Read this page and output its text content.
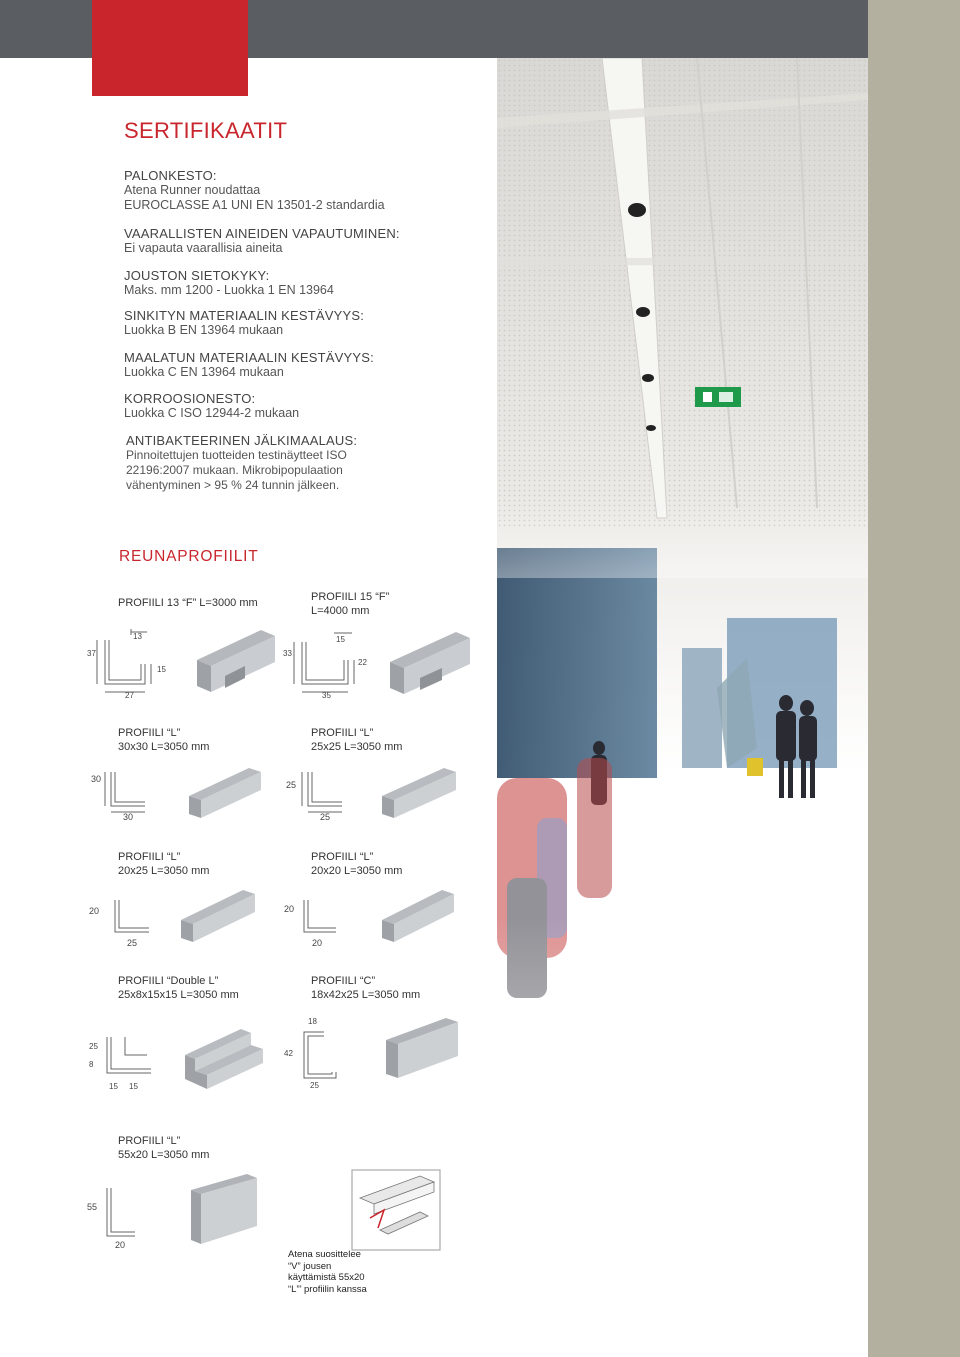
SERTIFIKAATIT
PALONKESTO:
Atena Runner noudattaa
EUROCLASSE A1 UNI EN 13501-2 standardia
VAARALLISTEN AINEIDEN VAPAUTUMINEN:
Ei vapauta vaarallisia aineita
JOUSTON SIETOKYKY:
Maks. mm 1200 - Luokka 1 EN 13964
SINKITYN MATERIAALIN KESTÄVYYS:
Luokka B EN 13964 mukaan
MAALATUN MATERIAALIN KESTÄVYYS:
Luokka C EN 13964 mukaan
KORROOSIONESTO:
Luokka C ISO 12944-2 mukaan
ANTIBAKTEERINEN JÄLKIMAALAUS:
Pinnoitettujen tuotteiden testinäytteet ISO
22196:2007 mukaan. Mikrobipopulaation
vähentyminen > 95 % 24 tunnin jälkeen.
REUNAPROFIILIT
PROFIILI 13 “F” L=3000 mm	PROFIILI 15 “F”
L=4000 mm
PROFIILI “L”
30x30 L=3050 mm
PROFIILI “L”
25x25 L=3050 mm
PROFIILI “L”
20x25 L=3050 mm
PROFIILI “L”
20x20 L=3050 mm
PROFIILI “Double L”
25x8x15x15 L=3050 mm
PROFIILI “C”
18x42x25 L=3050 mm
PROFIILI “L”
55x20 L=3050 mm
13
37
15
27
15
33
22
35
30
30
25
25
20
25
20
20
25
8
15 15
18
42
25
55
20
Atena suosittelee
“V” jousen
käyttämistä 55x20
“L”’ profiilin kanssa
